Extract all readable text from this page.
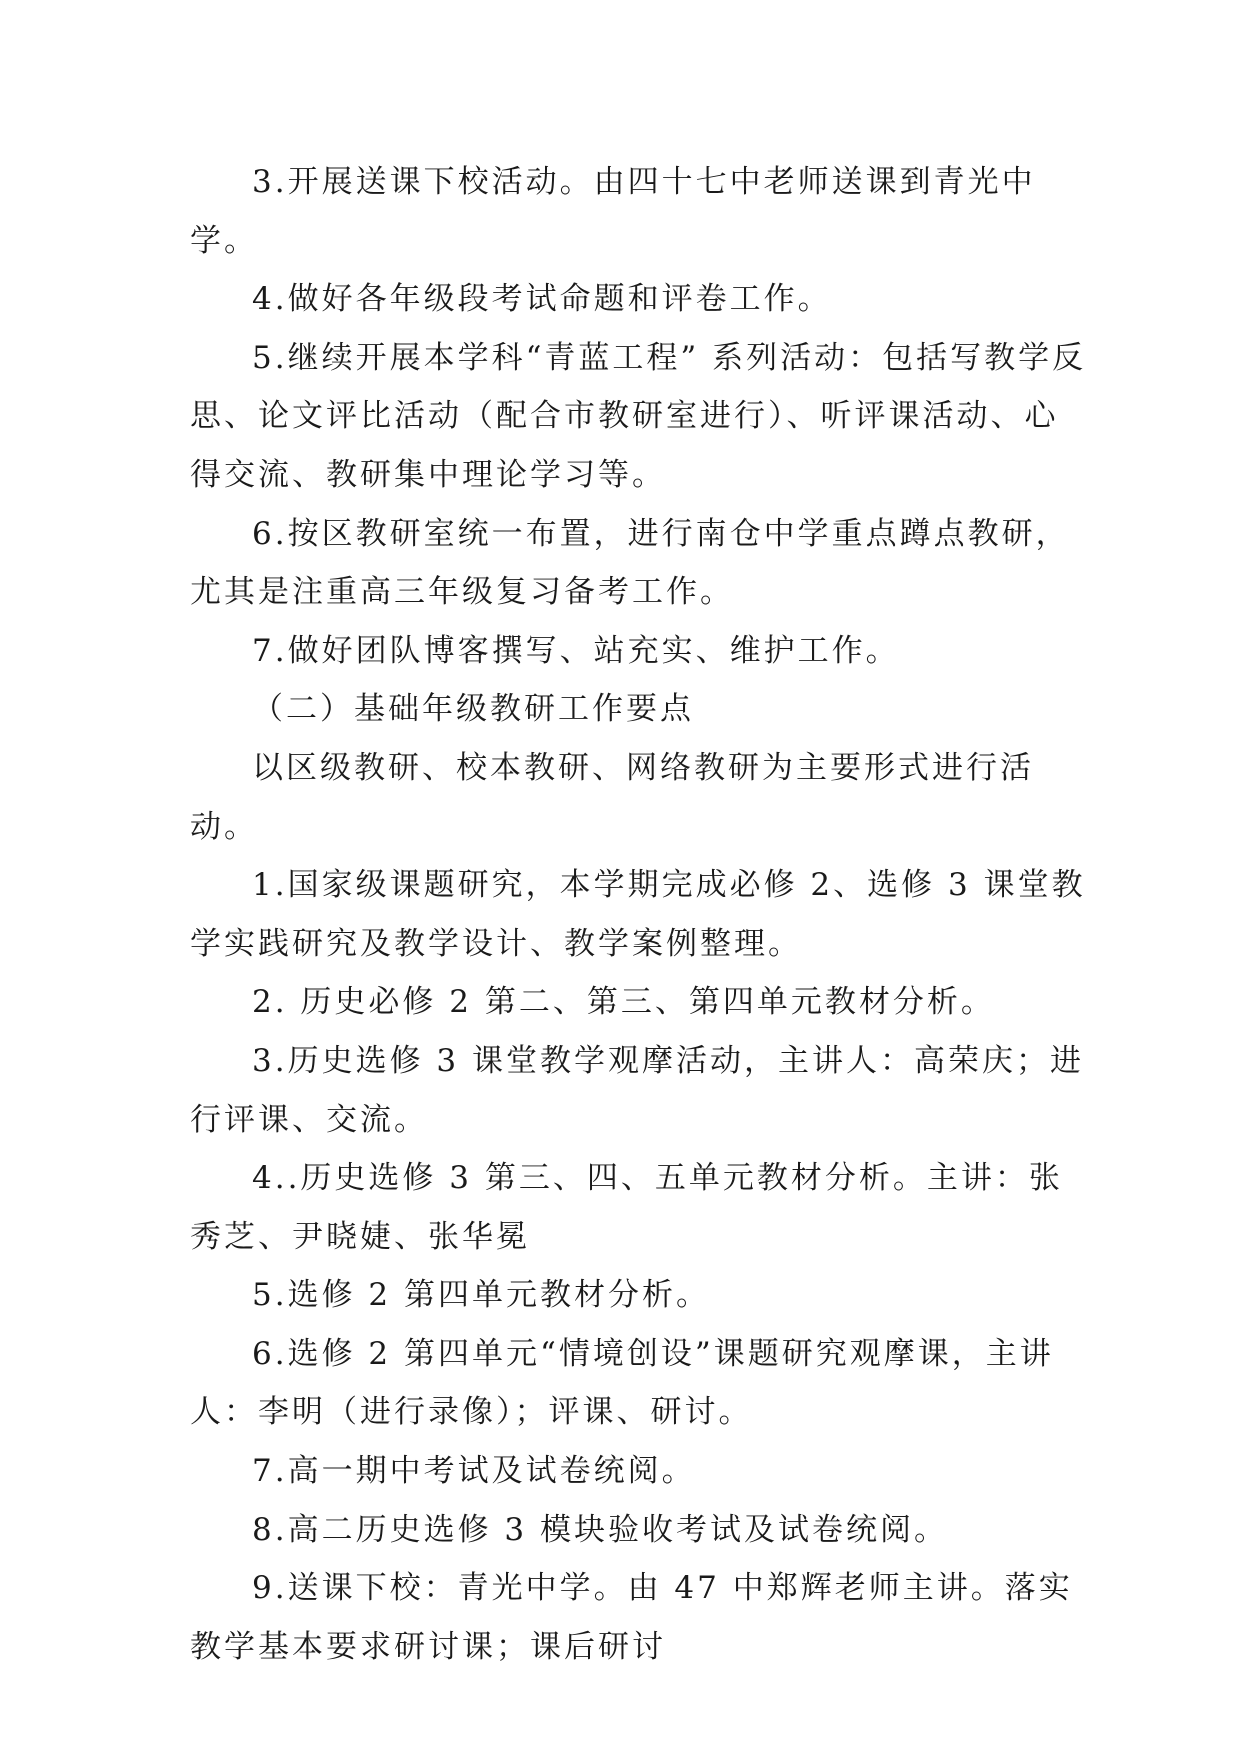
3.开展送课下校活动。由四十七中老师送课到青光中学。

4.做好各年级段考试命题和评卷工作。

5.继续开展本学科“青蓝工程” 系列活动：包括写教学反思、论文评比活动（配合市教研室进行）、听评课活动、心得交流、教研集中理论学习等。

6.按区教研室统一布置，进行南仓中学重点蹲点教研，尤其是注重高三年级复习备考工作。

7.做好团队博客撰写、站充实、维护工作。

（二）基础年级教研工作要点

以区级教研、校本教研、网络教研为主要形式进行活动。

1.国家级课题研究，本学期完成必修 2、选修 3 课堂教学实践研究及教学设计、教学案例整理。

2. 历史必修 2 第二、第三、第四单元教材分析。

3.历史选修 3 课堂教学观摩活动，主讲人：高荣庆；进行评课、交流。

4..历史选修 3 第三、四、五单元教材分析。主讲：张秀芝、尹晓婕、张华冕

5.选修 2 第四单元教材分析。

6.选修 2 第四单元“情境创设”课题研究观摩课，主讲人：李明（进行录像）；评课、研讨。

7.高一期中考试及试卷统阅。

8.高二历史选修 3 模块验收考试及试卷统阅。

9.送课下校：青光中学。由 47 中郑辉老师主讲。落实教学基本要求研讨课；课后研讨
